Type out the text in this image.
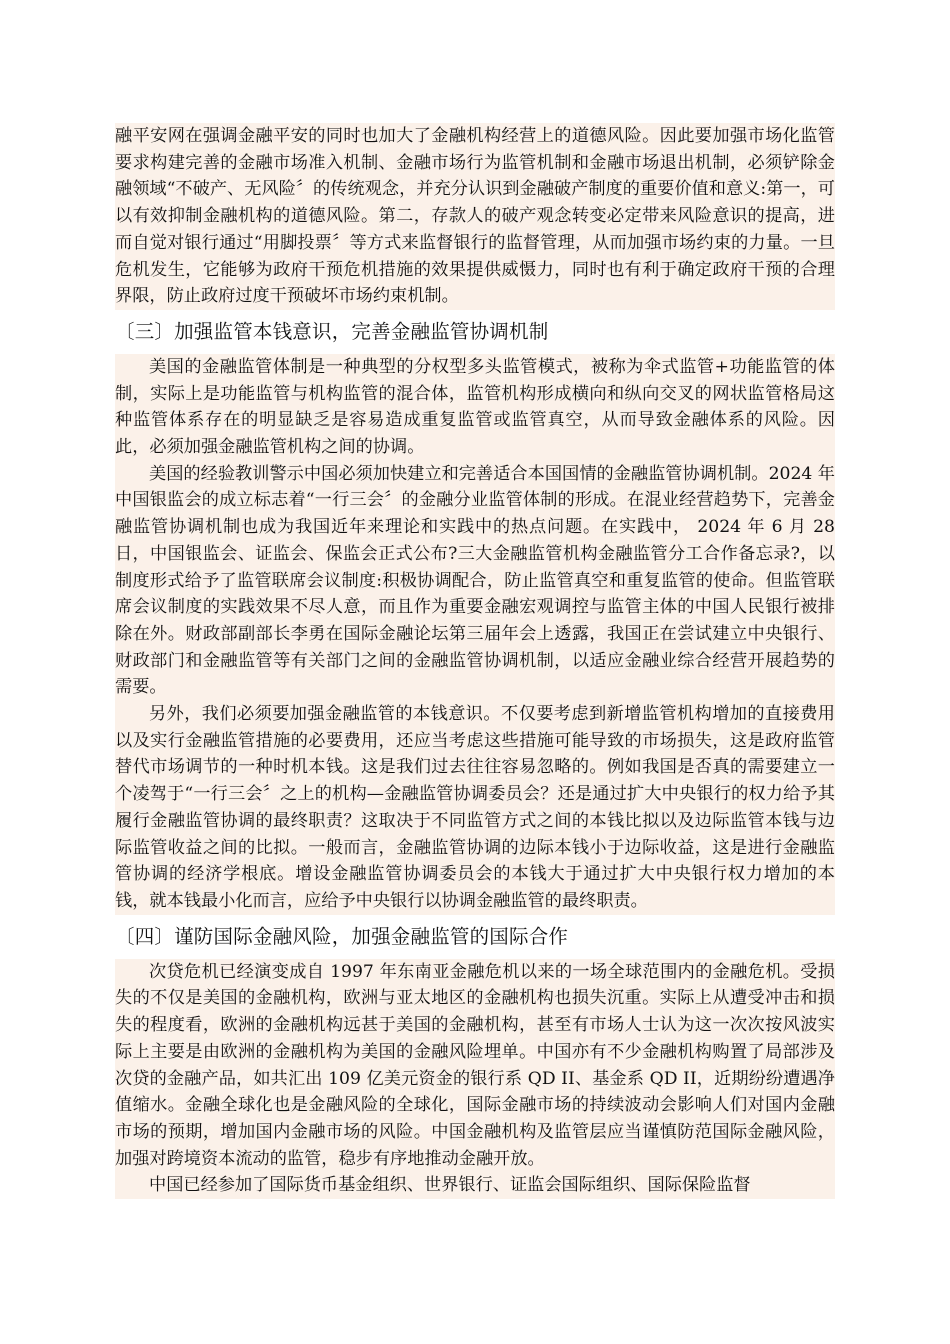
融平安网在强调金融平安的同时也加大了金融机构经营上的道德风险。因此要加强市场化监管要求构建完善的金融市场准入机制、金融市场行为监管机制和金融市场退出机制，必须铲除金融领域“不破产、无风险〞的传统观念，并充分认识到金融破产制度的重要价值和意义:第一，可以有效抑制金融机构的道德风险。第二，存款人的破产观念转变必定带来风险意识的提高，进而自觉对银行通过“用脚投票〞等方式来监督银行的监督管理，从而加强市场约束的力量。一旦危机发生，它能够为政府干预危机措施的效果提供威慑力，同时也有利于确定政府干预的合理界限，防止政府过度干预破坏市场约束机制。

〔三〕加强监管本钱意识，完善金融监管协调机制

美国的金融监管体制是一种典型的分权型多头监管模式，被称为伞式监管+功能监管的体制，实际上是功能监管与机构监管的混合体，监管机构形成横向和纵向交叉的网状监管格局这种监管体系存在的明显缺乏是容易造成重复监管或监管真空，从而导致金融体系的风险。因此，必须加强金融监管机构之间的协调。

美国的经验教训警示中国必须加快建立和完善适合本国国情的金融监管协调机制。2024 年中国银监会的成立标志着“一行三会〞的金融分业监管体制的形成。在混业经营趋势下，完善金融监管协调机制也成为我国近年来理论和实践中的热点问题。在实践中， 2024 年 6 月 28 日，中国银监会、证监会、保监会正式公布?三大金融监管机构金融监管分工合作备忘录?，以制度形式给予了监管联席会议制度:积极协调配合，防止监管真空和重复监管的使命。但监管联席会议制度的实践效果不尽人意，而且作为重要金融宏观调控与监管主体的中国人民银行被排除在外。财政部副部长李勇在国际金融论坛第三届年会上透露，我国正在尝试建立中央银行、财政部门和金融监管等有关部门之间的金融监管协调机制，以适应金融业综合经营开展趋势的需要。

另外，我们必须要加强金融监管的本钱意识。不仅要考虑到新增监管机构增加的直接费用以及实行金融监管措施的必要费用，还应当考虑这些措施可能导致的市场损失，这是政府监管替代市场调节的一种时机本钱。这是我们过去往往容易忽略的。例如我国是否真的需要建立一个凌驾于“一行三会〞之上的机构—金融监管协调委员会？还是通过扩大中央银行的权力给予其履行金融监管协调的最终职责？这取决于不同监管方式之间的本钱比拟以及边际监管本钱与边际监管收益之间的比拟。一般而言，金融监管协调的边际本钱小于边际收益，这是进行金融监管协调的经济学根底。增设金融监管协调委员会的本钱大于通过扩大中央银行权力增加的本钱，就本钱最小化而言，应给予中央银行以协调金融监管的最终职责。

〔四〕谨防国际金融风险，加强金融监管的国际合作

次贷危机已经演变成自 1997 年东南亚金融危机以来的一场全球范围内的金融危机。受损失的不仅是美国的金融机构，欧洲与亚太地区的金融机构也损失沉重。实际上从遭受冲击和损失的程度看，欧洲的金融机构远甚于美国的金融机构，甚至有市场人士认为这一次次按风波实际上主要是由欧洲的金融机构为美国的金融风险埋单。中国亦有不少金融机构购置了局部涉及次贷的金融产品，如共汇出 109 亿美元资金的银行系 QD II、基金系 QD II，近期纷纷遭遇净值缩水。金融全球化也是金融风险的全球化，国际金融市场的持续波动会影响人们对国内金融市场的预期，增加国内金融市场的风险。中国金融机构及监管层应当谨慎防范国际金融风险，加强对跨境资本流动的监管，稳步有序地推动金融开放。

中国已经参加了国际货币基金组织、世界银行、证监会国际组织、国际保险监督
